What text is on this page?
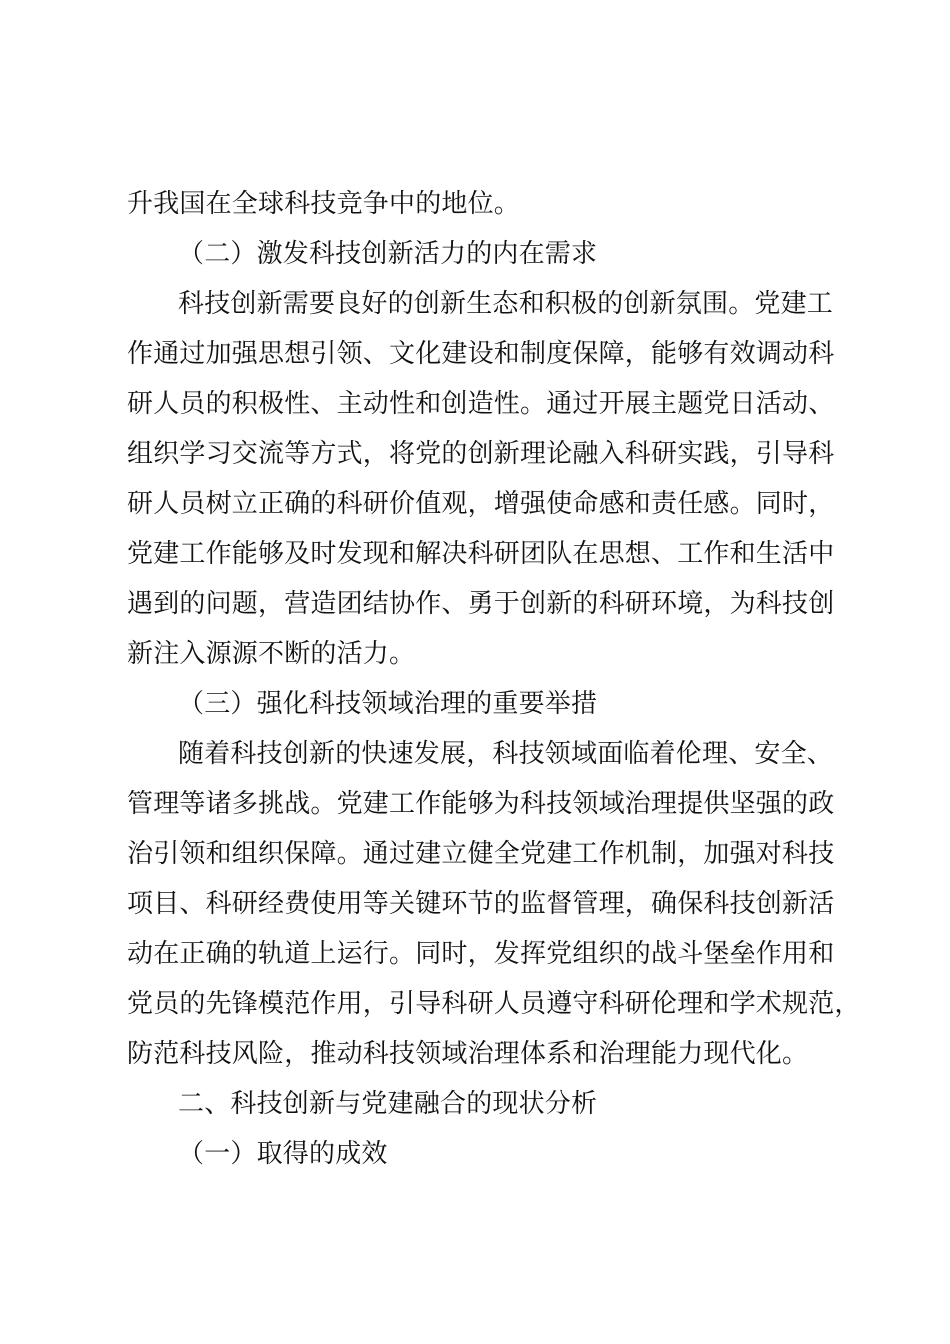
升我国在全球科技竞争中的地位。
（二）激发科技创新活力的内在需求
科技创新需要良好的创新生态和积极的创新氛围。党建工
作通过加强思想引领、文化建设和制度保障，能够有效调动科
研人员的积极性、主动性和创造性。通过开展主题党日活动、
组织学习交流等方式，将党的创新理论融入科研实践，引导科
研人员树立正确的科研价值观，增强使命感和责任感。同时，
党建工作能够及时发现和解决科研团队在思想、工作和生活中
遇到的问题，营造团结协作、勇于创新的科研环境，为科技创
新注入源源不断的活力。
（三）强化科技领域治理的重要举措
随着科技创新的快速发展，科技领域面临着伦理、安全、
管理等诸多挑战。党建工作能够为科技领域治理提供坚强的政
治引领和组织保障。通过建立健全党建工作机制，加强对科技
项目、科研经费使用等关键环节的监督管理，确保科技创新活
动在正确的轨道上运行。同时，发挥党组织的战斗堡垒作用和
党员的先锋模范作用，引导科研人员遵守科研伦理和学术规范，
防范科技风险，推动科技领域治理体系和治理能力现代化。
二、科技创新与党建融合的现状分析
（一）取得的成效
